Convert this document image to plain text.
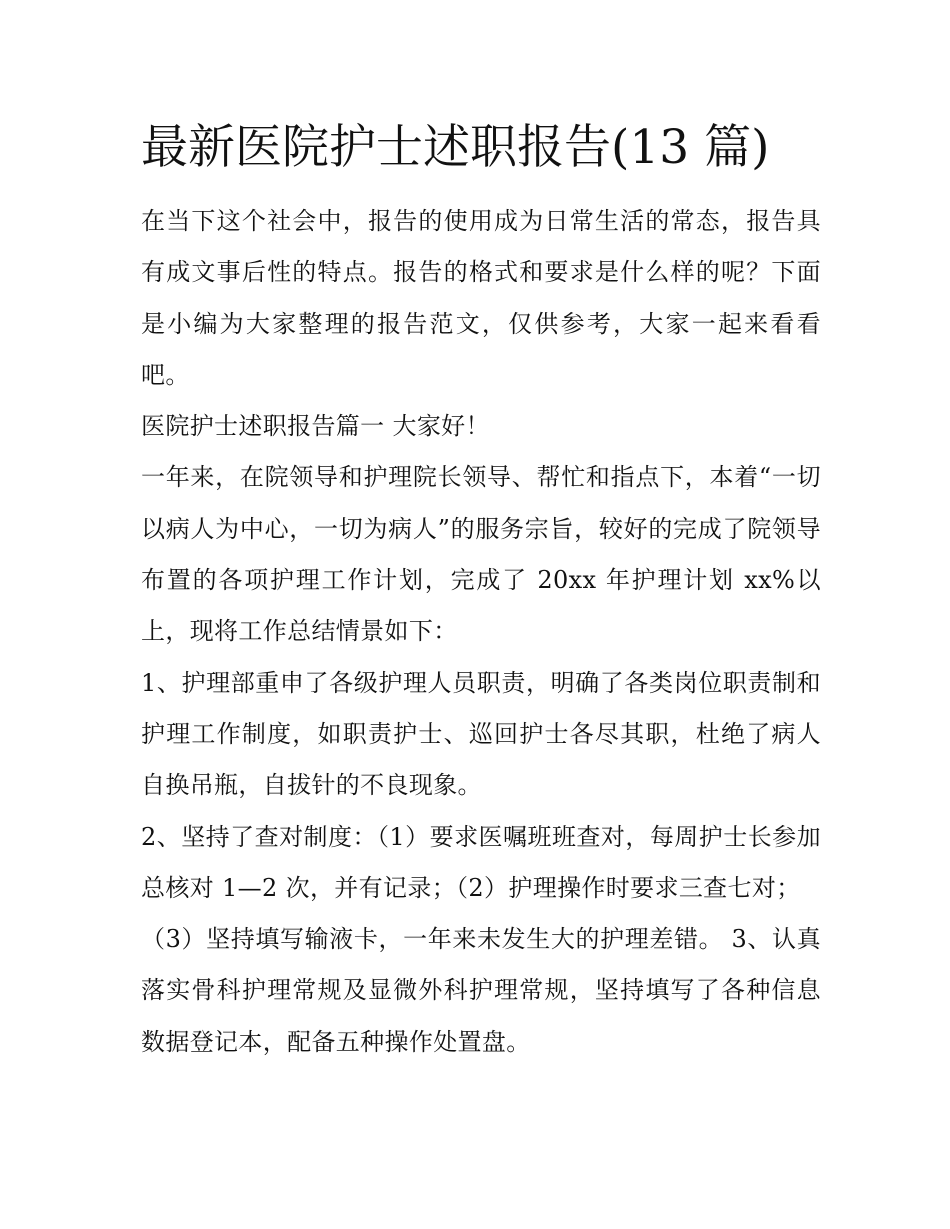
最新医院护士述职报告(13 篇)

在当下这个社会中，报告的使用成为日常生活的常态，报告具有成文事后性的特点。报告的格式和要求是什么样的呢？下面是小编为大家整理的报告范文，仅供参考，大家一起来看看吧。

医院护士述职报告篇一 大家好！

一年来，在院领导和护理院长领导、帮忙和指点下，本着“一切以病人为中心，一切为病人”的服务宗旨，较好的完成了院领导布置的各项护理工作计划，完成了 20xx 年护理计划 xx%以上，现将工作总结情景如下：

1、护理部重申了各级护理人员职责，明确了各类岗位职责制和护理工作制度，如职责护士、巡回护士各尽其职，杜绝了病人自换吊瓶，自拔针的不良现象。

2、坚持了查对制度：（1）要求医嘱班班查对，每周护士长参加总核对 1—2 次，并有记录；（2）护理操作时要求三查七对；

（3）坚持填写输液卡，一年来未发生大的护理差错。 3、认真落实骨科护理常规及显微外科护理常规，坚持填写了各种信息数据登记本，配备五种操作处置盘。
